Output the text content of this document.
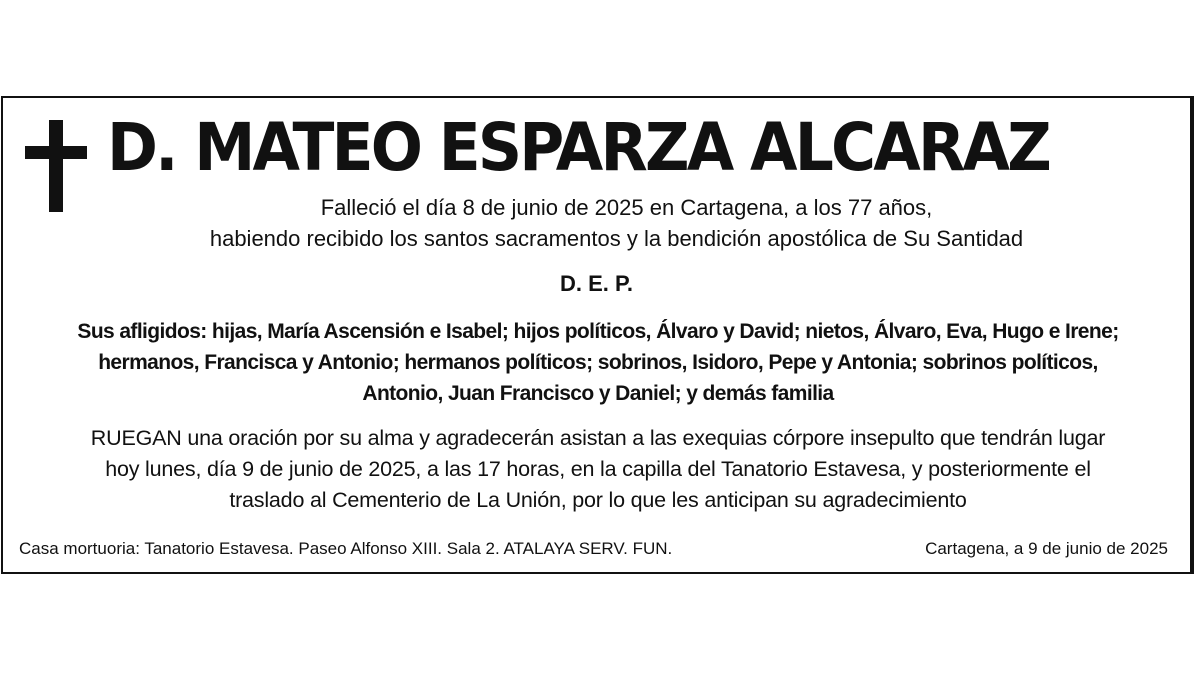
D. MATEO ESPARZA ALCARAZ
Falleció el día 8 de junio de 2025 en Cartagena, a los 77 años,
habiendo recibido los santos sacramentos y la bendición apostólica de Su Santidad
D. E. P.
Sus afligidos: hijas, María Ascensión e Isabel; hijos políticos, Álvaro y David; nietos, Álvaro, Eva, Hugo e Irene;
hermanos, Francisca y Antonio; hermanos políticos; sobrinos, Isidoro, Pepe y Antonia; sobrinos políticos,
Antonio, Juan Francisco y Daniel; y demás familia
RUEGAN una oración por su alma y agradecerán asistan a las exequias córpore insepulto que tendrán lugar
hoy lunes, día 9 de junio de 2025, a las 17 horas, en la capilla del Tanatorio Estavesa, y posteriormente el
traslado al Cementerio de La Unión, por lo que les anticipan su agradecimiento
Casa mortuoria: Tanatorio Estavesa. Paseo Alfonso XIII. Sala 2. ATALAYA SERV. FUN.	Cartagena, a 9 de junio de 2025
